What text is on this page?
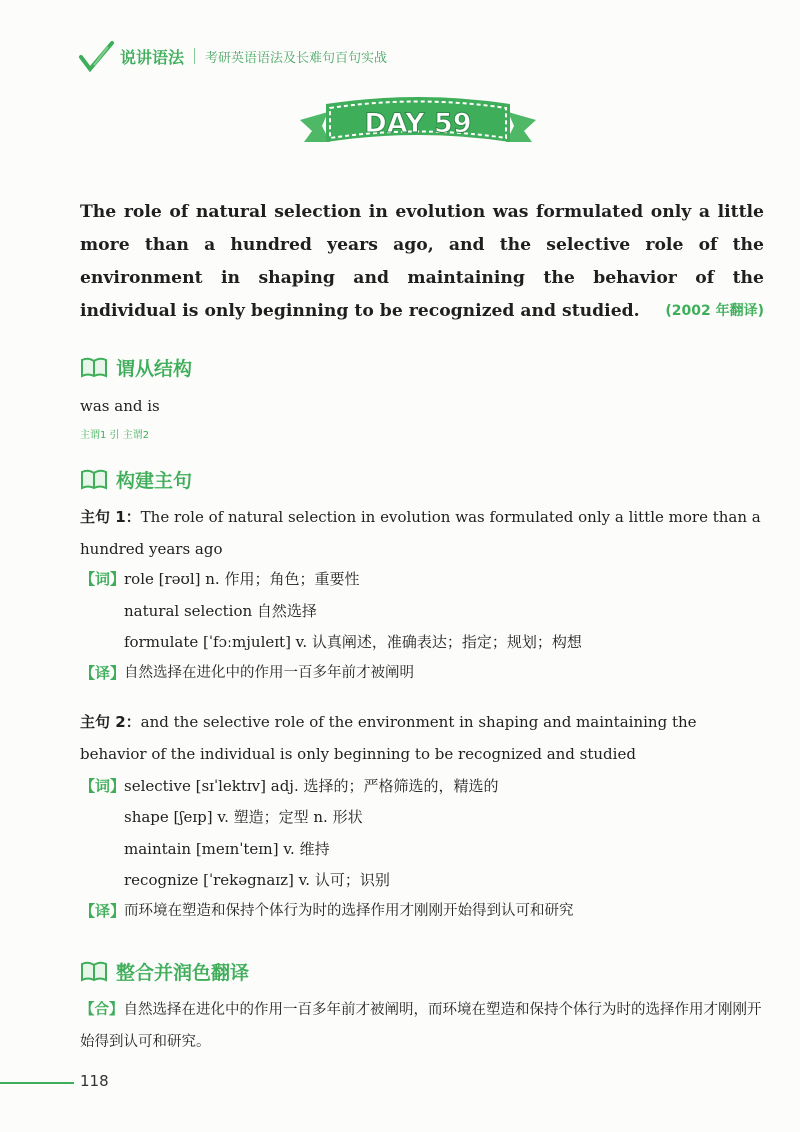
说讲语法 考研英语语法及长难句百句实战
DAY 59
The role of natural selection in evolution was formulated only a little more than a hundred years ago, and the selective role of the environment in shaping and maintaining the behavior of the individual is only beginning to be recognized and studied. (2002 年翻译)
谓从结构
was and is
主谓1 引 主谓2
构建主句
主句 1：The role of natural selection in evolution was formulated only a little more than a hundred years ago
【词】
role [rəʊl] n. 作用；角色；重要性
natural selection 自然选择
formulate [ˈfɔːmjuleɪt] v. 认真阐述，准确表达；指定；规划；构想
【译】
自然选择在进化中的作用一百多年前才被阐明
主句 2：and the selective role of the environment in shaping and maintaining the behavior of the individual is only beginning to be recognized and studied
【词】
selective [sɪˈlektɪv] adj. 选择的；严格筛选的，精选的
shape [ʃeɪp] v. 塑造；定型 n. 形状
maintain [meɪnˈteɪn] v. 维持
recognize [ˈrekəgnaɪz] v. 认可；识别
【译】
而环境在塑造和保持个体行为时的选择作用才刚刚开始得到认可和研究
整合并润色翻译
【合】自然选择在进化中的作用一百多年前才被阐明，而环境在塑造和保持个体行为时的选择作用才刚刚开始得到认可和研究。
118
